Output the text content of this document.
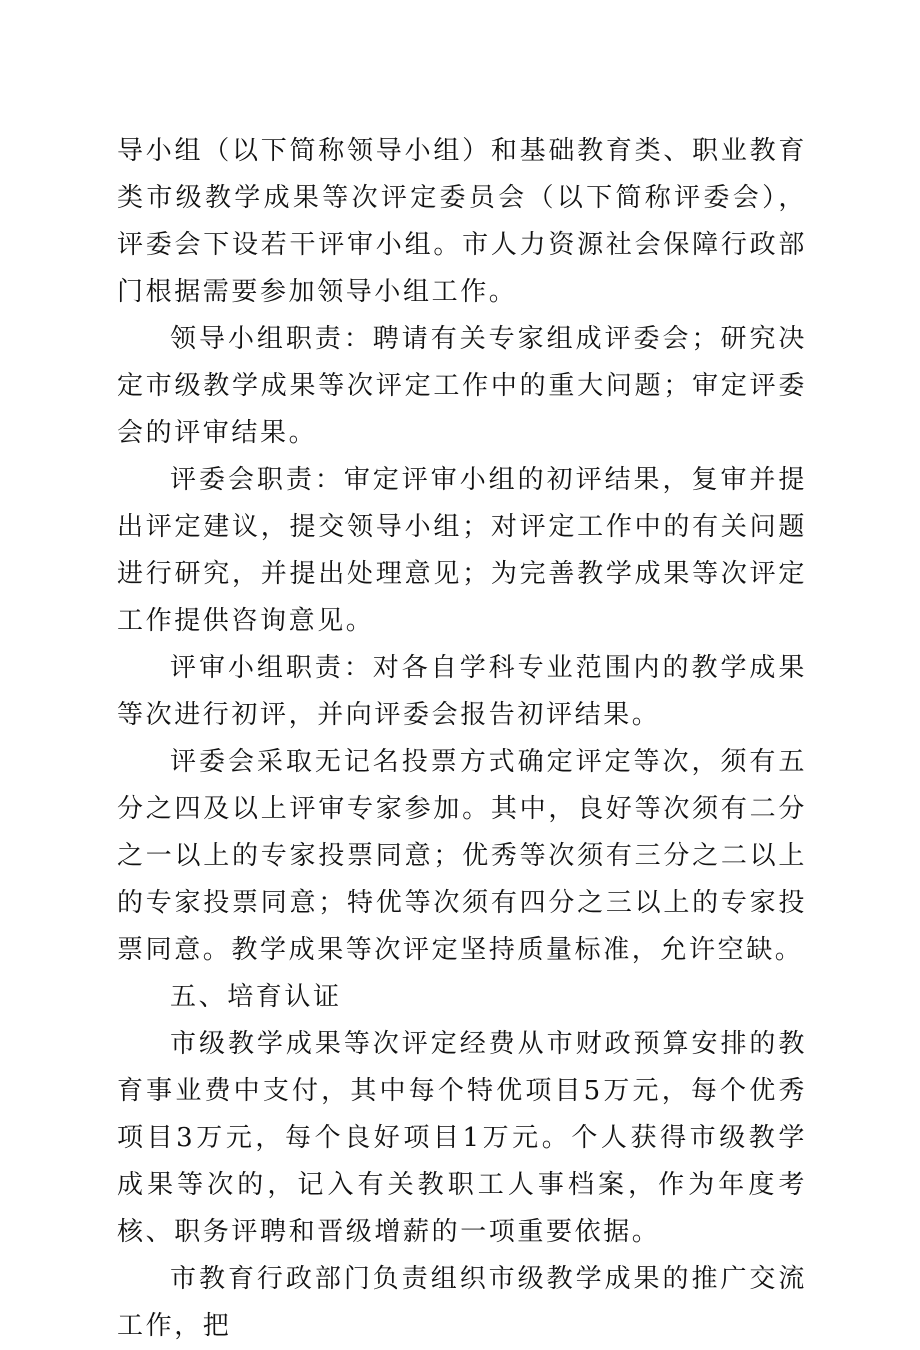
导小组（以下简称领导小组）和基础教育类、职业教育类市级教学成果等次评定委员会（以下简称评委会），评委会下设若干评审小组。市人力资源社会保障行政部门根据需要参加领导小组工作。

领导小组职责：聘请有关专家组成评委会；研究决定市级教学成果等次评定工作中的重大问题；审定评委会的评审结果。

评委会职责：审定评审小组的初评结果，复审并提出评定建议，提交领导小组；对评定工作中的有关问题进行研究，并提出处理意见；为完善教学成果等次评定工作提供咨询意见。

评审小组职责：对各自学科专业范围内的教学成果等次进行初评，并向评委会报告初评结果。

评委会采取无记名投票方式确定评定等次，须有五分之四及以上评审专家参加。其中，良好等次须有二分之一以上的专家投票同意；优秀等次须有三分之二以上的专家投票同意；特优等次须有四分之三以上的专家投票同意。教学成果等次评定坚持质量标准，允许空缺。

五、培育认证

市级教学成果等次评定经费从市财政预算安排的教育事业费中支付，其中每个特优项目5万元，每个优秀项目3万元，每个良好项目1万元。个人获得市级教学成果等次的，记入有关教职工人事档案，作为年度考核、职务评聘和晋级增薪的一项重要依据。

市教育行政部门负责组织市级教学成果的推广交流工作，把
